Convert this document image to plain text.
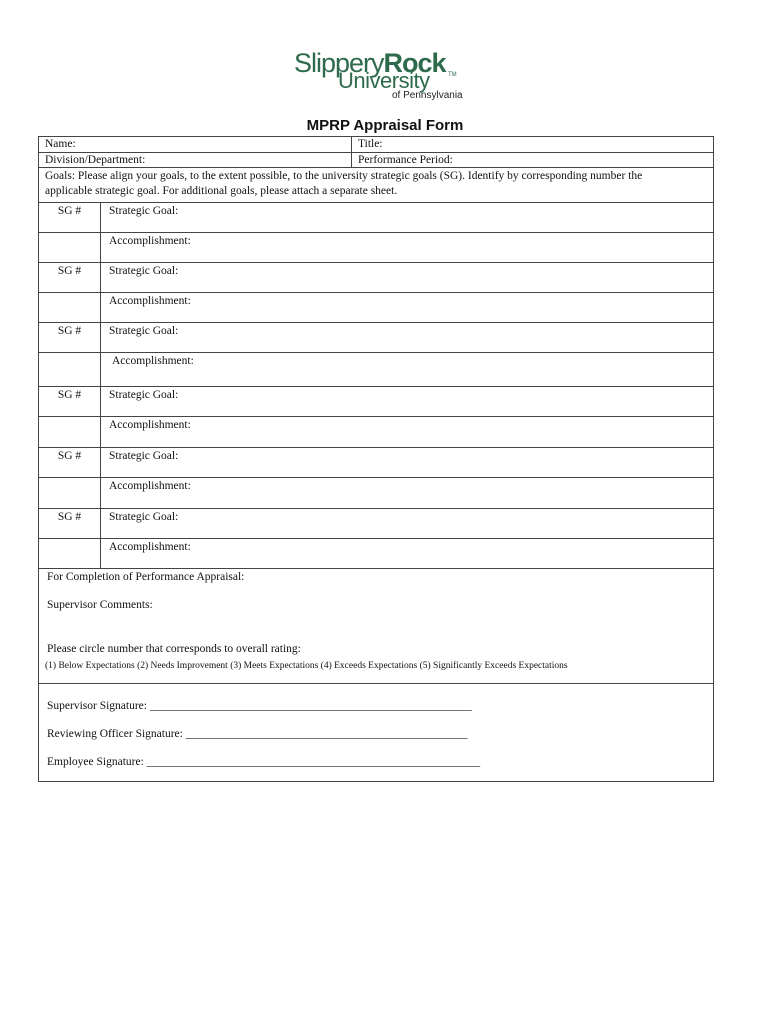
SlipperyRock
University	TM
of Pennsylvania
MPRP Appraisal Form
Name:	Title:
Division/Department:	Performance Period:
Goals: Please align your goals, to the extent possible, to the university strategic goals (SG). Identify by corresponding number the
applicable strategic goal. For additional goals, please attach a separate sheet.
SG #	Strategic Goal:
Accomplishment:
SG #	Strategic Goal:
Accomplishment:
SG #	Strategic Goal:
Accomplishment:
SG #	Strategic Goal:
Accomplishment:
SG #	Strategic Goal:
Accomplishment:
SG #	Strategic Goal:
Accomplishment:
For Completion of Performance Appraisal:
Supervisor Comments:
Please circle number that corresponds to overall rating:
(1) Below Expectations (2) Needs Improvement (3) Meets Expectations (4) Exceeds Expectations (5) Significantly Exceeds Expectations
Supervisor Signature: ________________________________________________________
Reviewing Officer Signature: _________________________________________________
Employee Signature: __________________________________________________________
